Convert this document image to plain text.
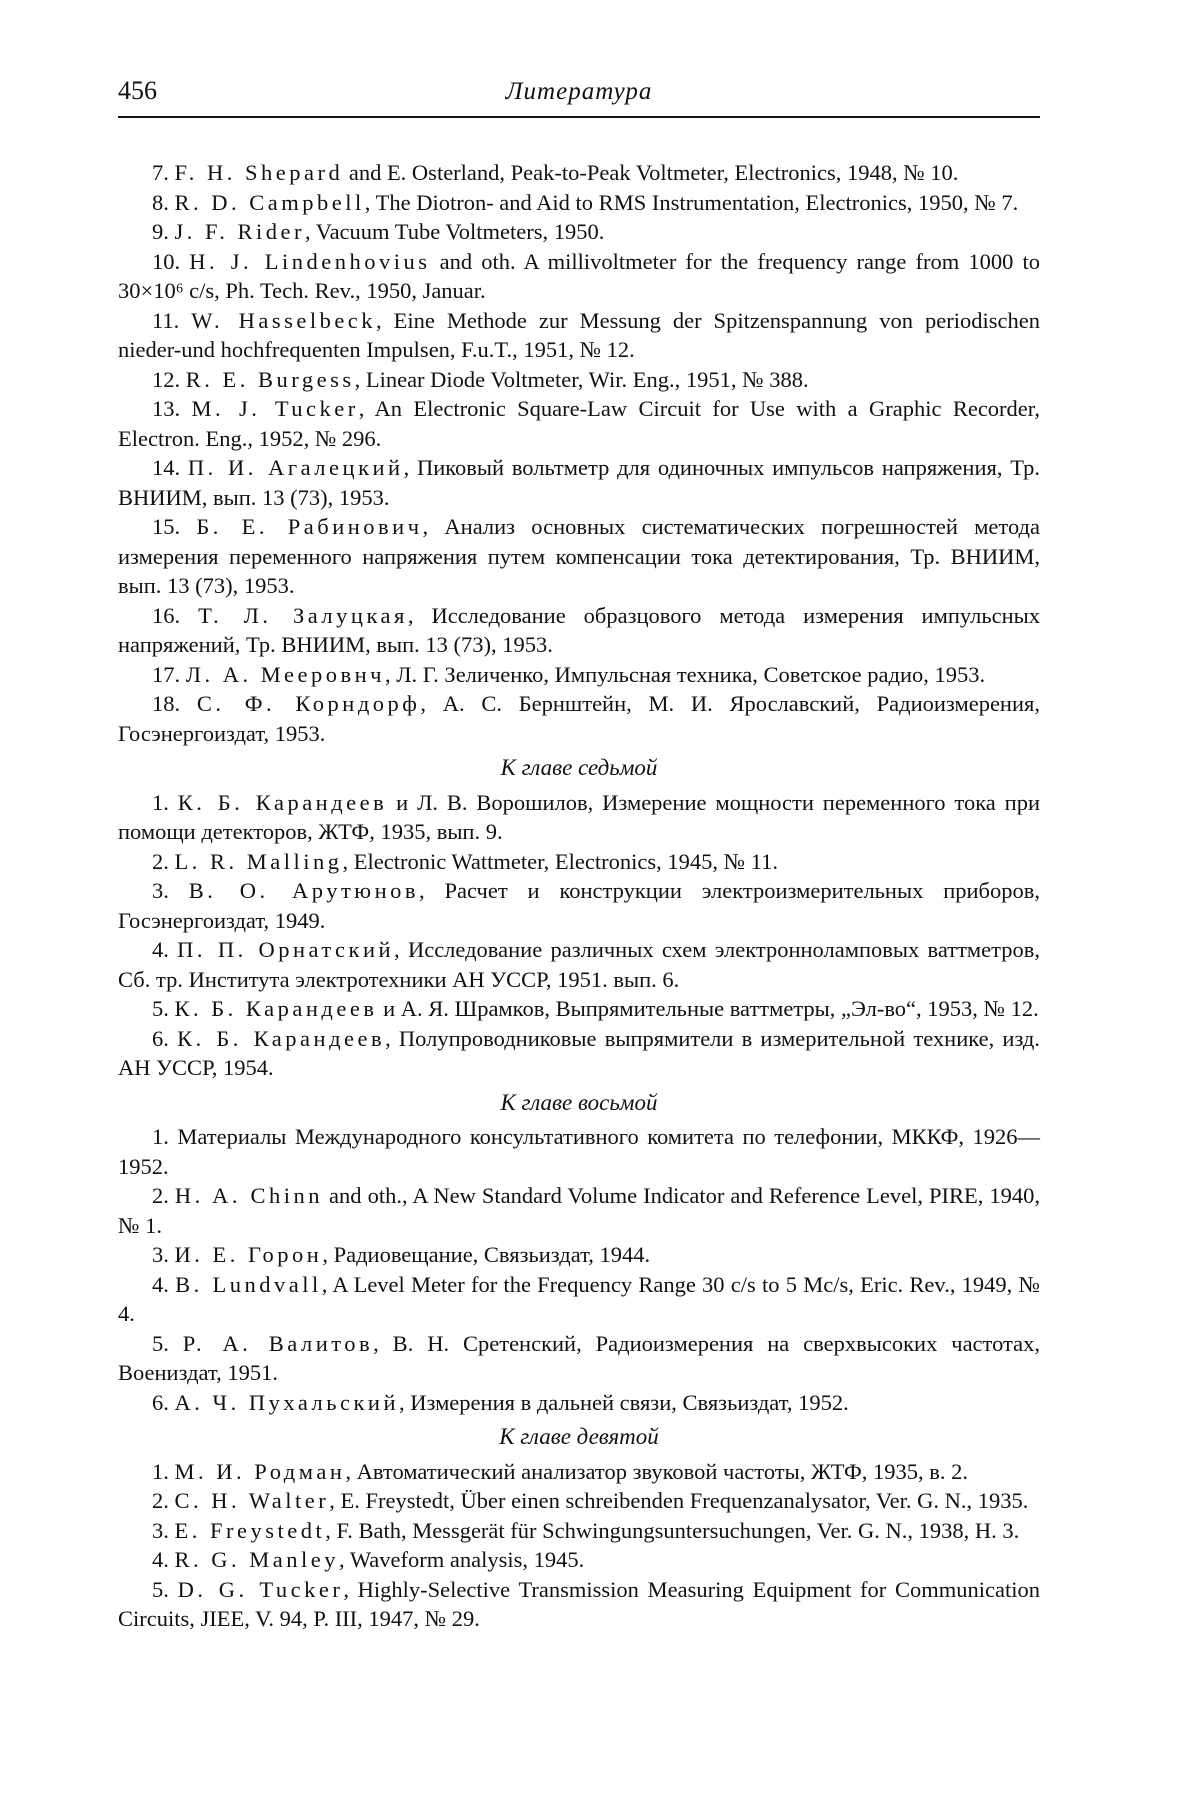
456	Литература

7. F. H. Shepard and E. Osterland, Peak-to-Peak Voltmeter, Electronics, 1948, № 10.

8. R. D. Campbell, The Diotron- and Aid to RMS Instrumentation, Electronics, 1950, № 7.

9. J. F. Rider, Vacuum Tube Voltmeters, 1950.

10. H. J. Lindenhovius and oth. A millivoltmeter for the frequency range from 1000 to 30×10⁶ c/s, Ph. Tech. Rev., 1950, Januar.

11. W. Hasselbeck, Eine Methode zur Messung der Spitzenspannung von periodischen nieder-und hochfrequenten Impulsen, F.u.T., 1951, № 12.

12. R. E. Burgess, Linear Diode Voltmeter, Wir. Eng., 1951, № 388.

13. M. J. Tucker, An Electronic Square-Law Circuit for Use with a Graphic Recorder, Electron. Eng., 1952, № 296.

14. П. И. Агалецкий, Пиковый вольтметр для одиночных импульсов напряжения, Тр. ВНИИМ, вып. 13 (73), 1953.

15. Б. Е. Рабинович, Анализ основных систематических погрешностей метода измерения переменного напряжения путем компенсации тока детектирования, Тр. ВНИИМ, вып. 13 (73), 1953.

16. Т. Л. Залуцкая, Исследование образцового метода измерения импульсных напряжений, Тр. ВНИИМ, вып. 13 (73), 1953.

17. Л. А. Мееровнч, Л. Г. Зеличенко, Импульсная техника, Советское радио, 1953.

18. С. Ф. Корндорф, А. С. Бернштейн, М. И. Ярославский, Радиоизмерения, Госэнергоиздат, 1953.

К главе седьмой

1. К. Б. Карандеев и Л. В. Ворошилов, Измерение мощности переменного тока при помощи детекторов, ЖТФ, 1935, вып. 9.

2. L. R. Malling, Electronic Wattmeter, Electronics, 1945, № 11.

3. В. О. Арутюнов, Расчет и конструкции электроизмерительных приборов, Госэнергоиздат, 1949.

4. П. П. Орнатский, Исследование различных схем электронноламповых ваттметров, Сб. тр. Института электротехники АН УССР, 1951. вып. 6.

5. К. Б. Карандеев и А. Я. Шрамков, Выпрямительные ваттметры, „Эл-во“, 1953, № 12.

6. К. Б. Карандеев, Полупроводниковые выпрямители в измерительной технике, изд. АН УССР, 1954.

К главе восьмой

1. Материалы Международного консультативного комитета по телефонии, МККФ, 1926—1952.

2. H. A. Chinn and oth., A New Standard Volume Indicator and Reference Level, PIRE, 1940, № 1.

3. И. Е. Горон, Радиовещание, Связьиздат, 1944.

4. B. Lundvall, A Level Meter for the Frequency Range 30 c/s to 5 Mc/s, Eric. Rev., 1949, № 4.

5. Р. А. Валитов, В. Н. Сретенский, Радиоизмерения на сверхвысоких частотах, Воениздат, 1951.

6. А. Ч. Пухальский, Измерения в дальней связи, Связьиздат, 1952.

К главе девятой

1. М. И. Родман, Автоматический анализатор звуковой частоты, ЖТФ, 1935, в. 2.

2. C. H. Walter, E. Freystedt, Über einen schreibenden Frequenzanalysator, Ver. G. N., 1935.

3. E. Freystedt, F. Bath, Messgerät für Schwingungsuntersuchungen, Ver. G. N., 1938, H. 3.

4. R. G. Manley, Waveform analysis, 1945.

5. D. G. Tucker, Highly-Selective Transmission Measuring Equipment for Communication Circuits, JIEE, V. 94, P. III, 1947, № 29.
